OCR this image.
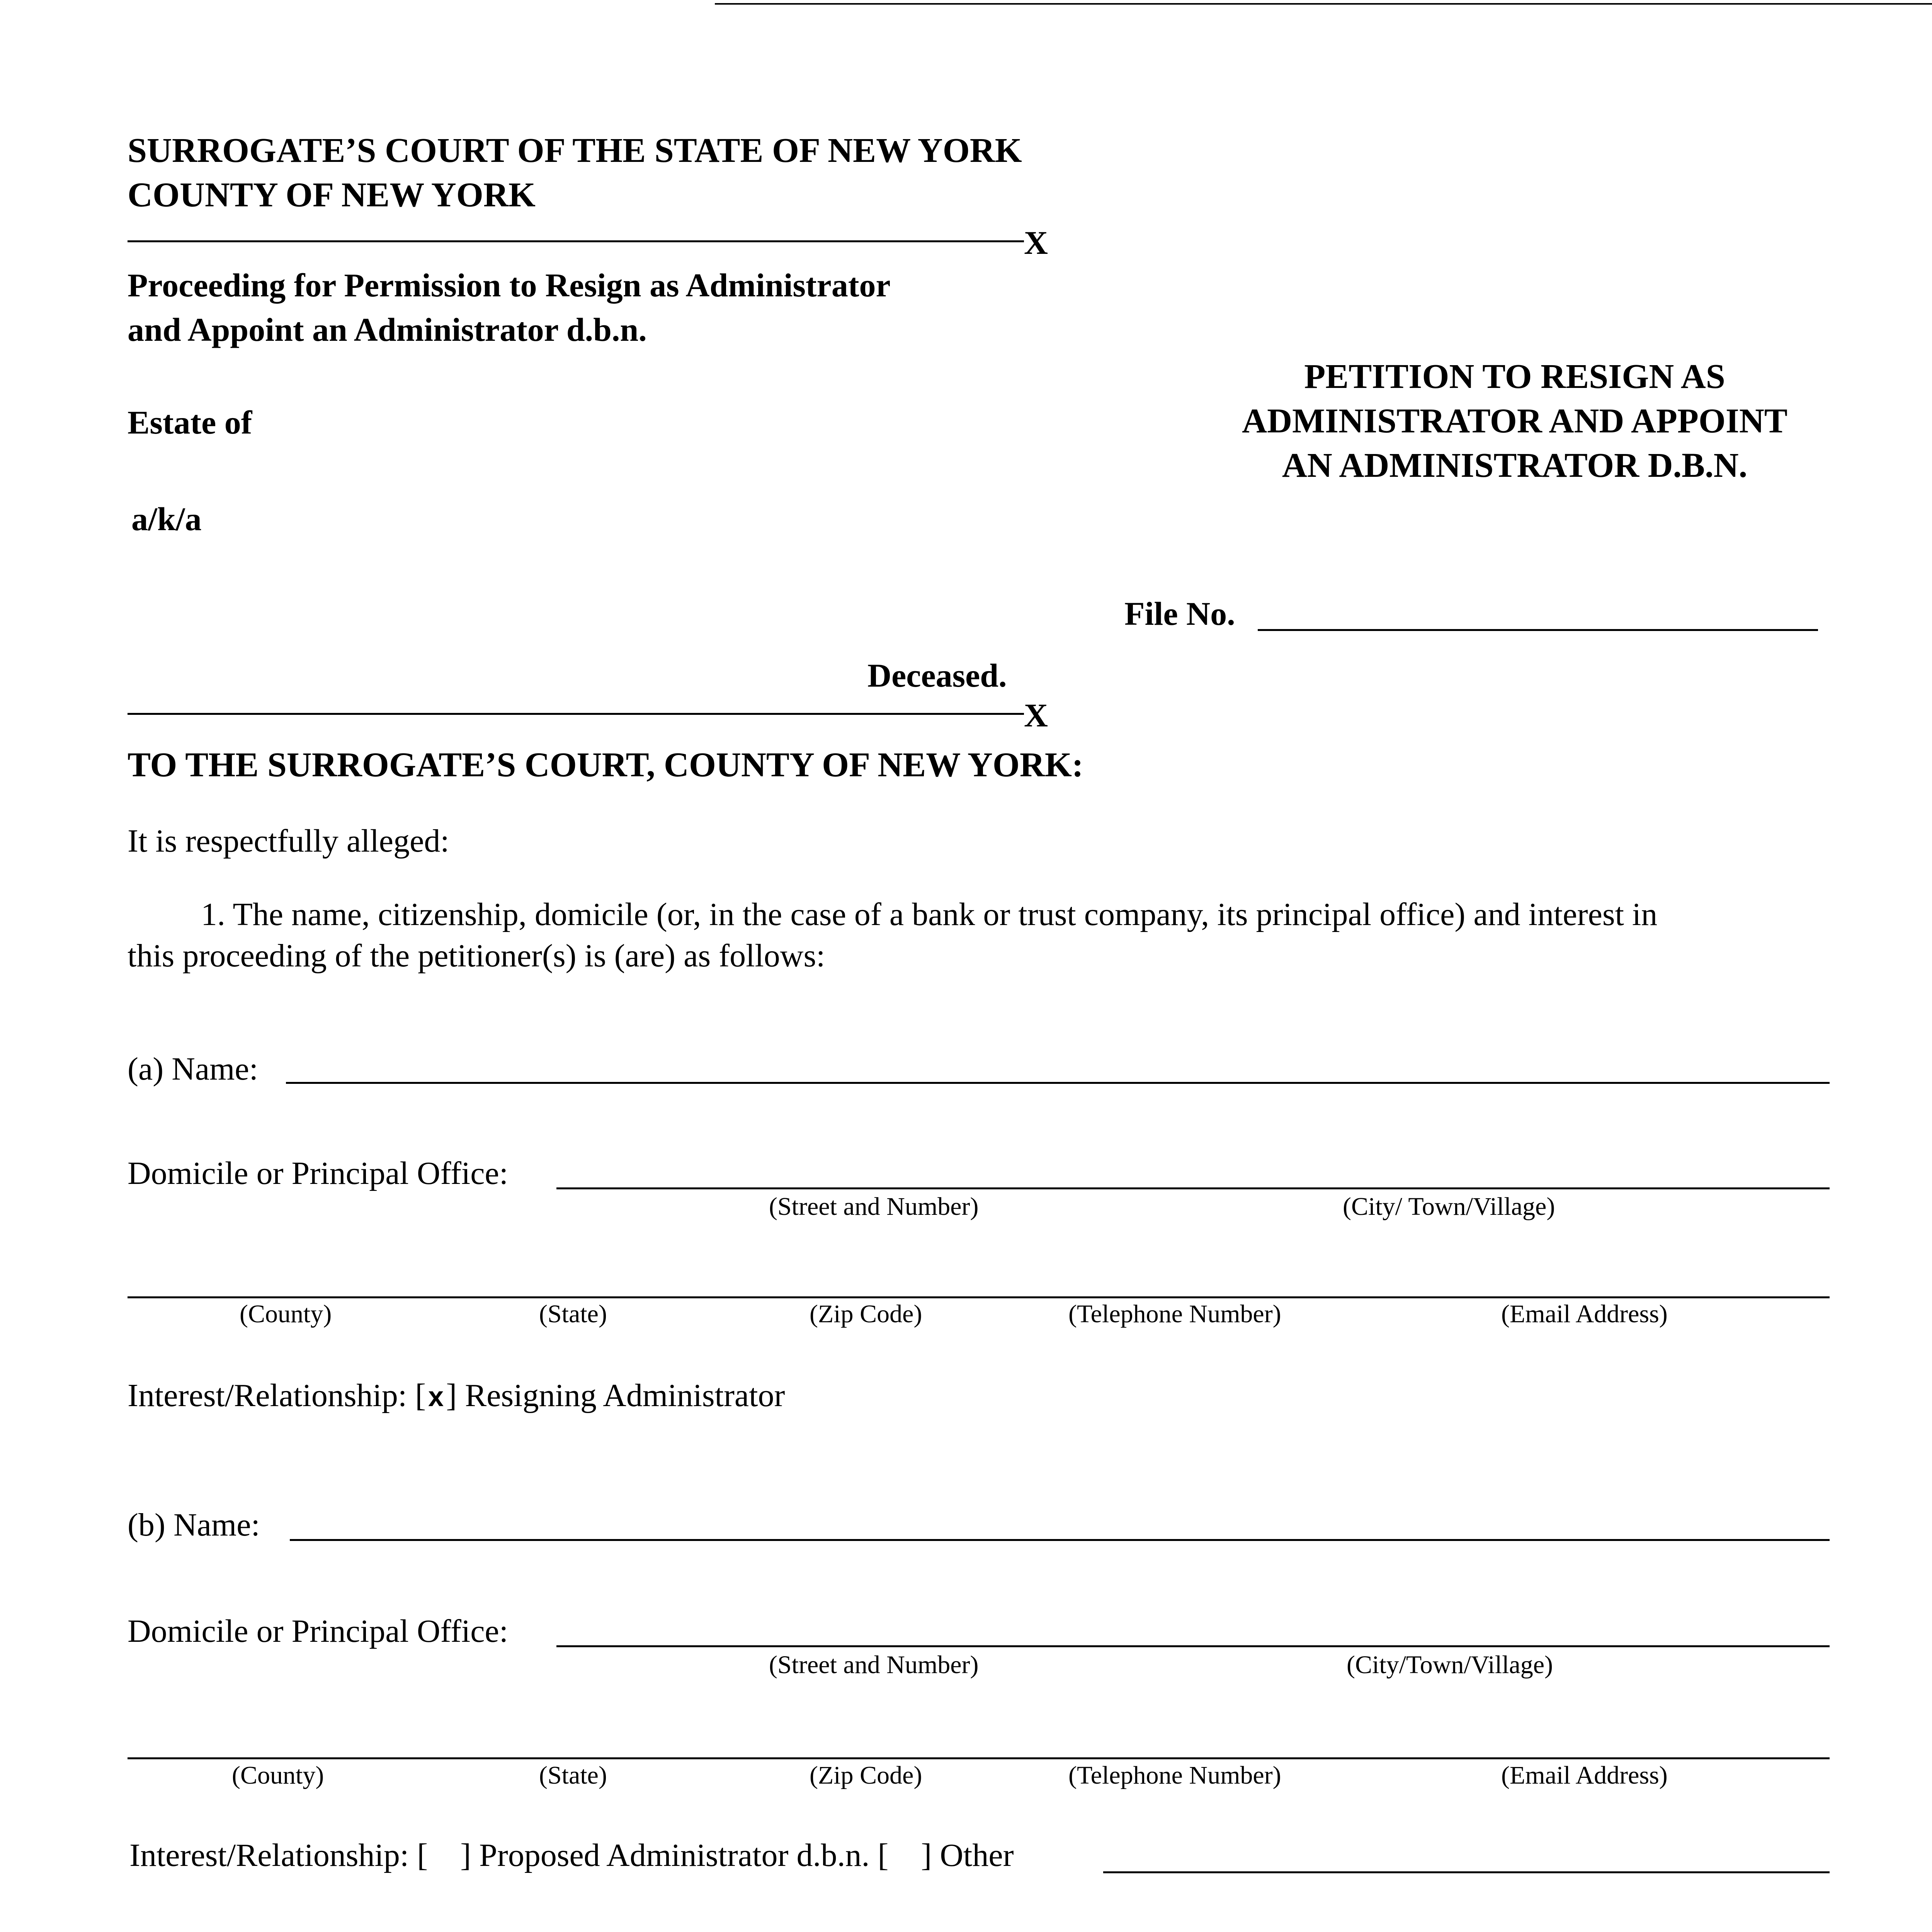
SURROGATE’S COURT OF THE STATE OF NEW YORK
COUNTY OF NEW YORK
X
Proceeding for Permission to Resign as Administrator
and Appoint an Administrator d.b.n.
Estate of
a/k/a
Deceased.
X
PETITION TO RESIGN AS
ADMINISTRATOR AND APPOINT
AN ADMINISTRATOR D.B.N.
File No.
TO THE SURROGATE’S COURT, COUNTY OF NEW YORK:
It is respectfully alleged:
1. The name, citizenship, domicile (or, in the case of a bank or trust company, its principal office) and interest in
this proceeding of the petitioner(s) is (are) as follows:
(a) Name:
Domicile or Principal Office:
(Street and Number)	(City/ Town/Village)
(County)	(State)	(Zip Code)	(Telephone Number)	(Email Address)
Interest/Relationship: [x] Resigning Administrator
(b) Name:
Domicile or Principal Office:
(Street and Number)	(City/Town/Village)
(County)	(State)	(Zip Code)	(Telephone Number)	(Email Address)
Interest/Relationship: [    ] Proposed Administrator d.b.n. [    ] Other
